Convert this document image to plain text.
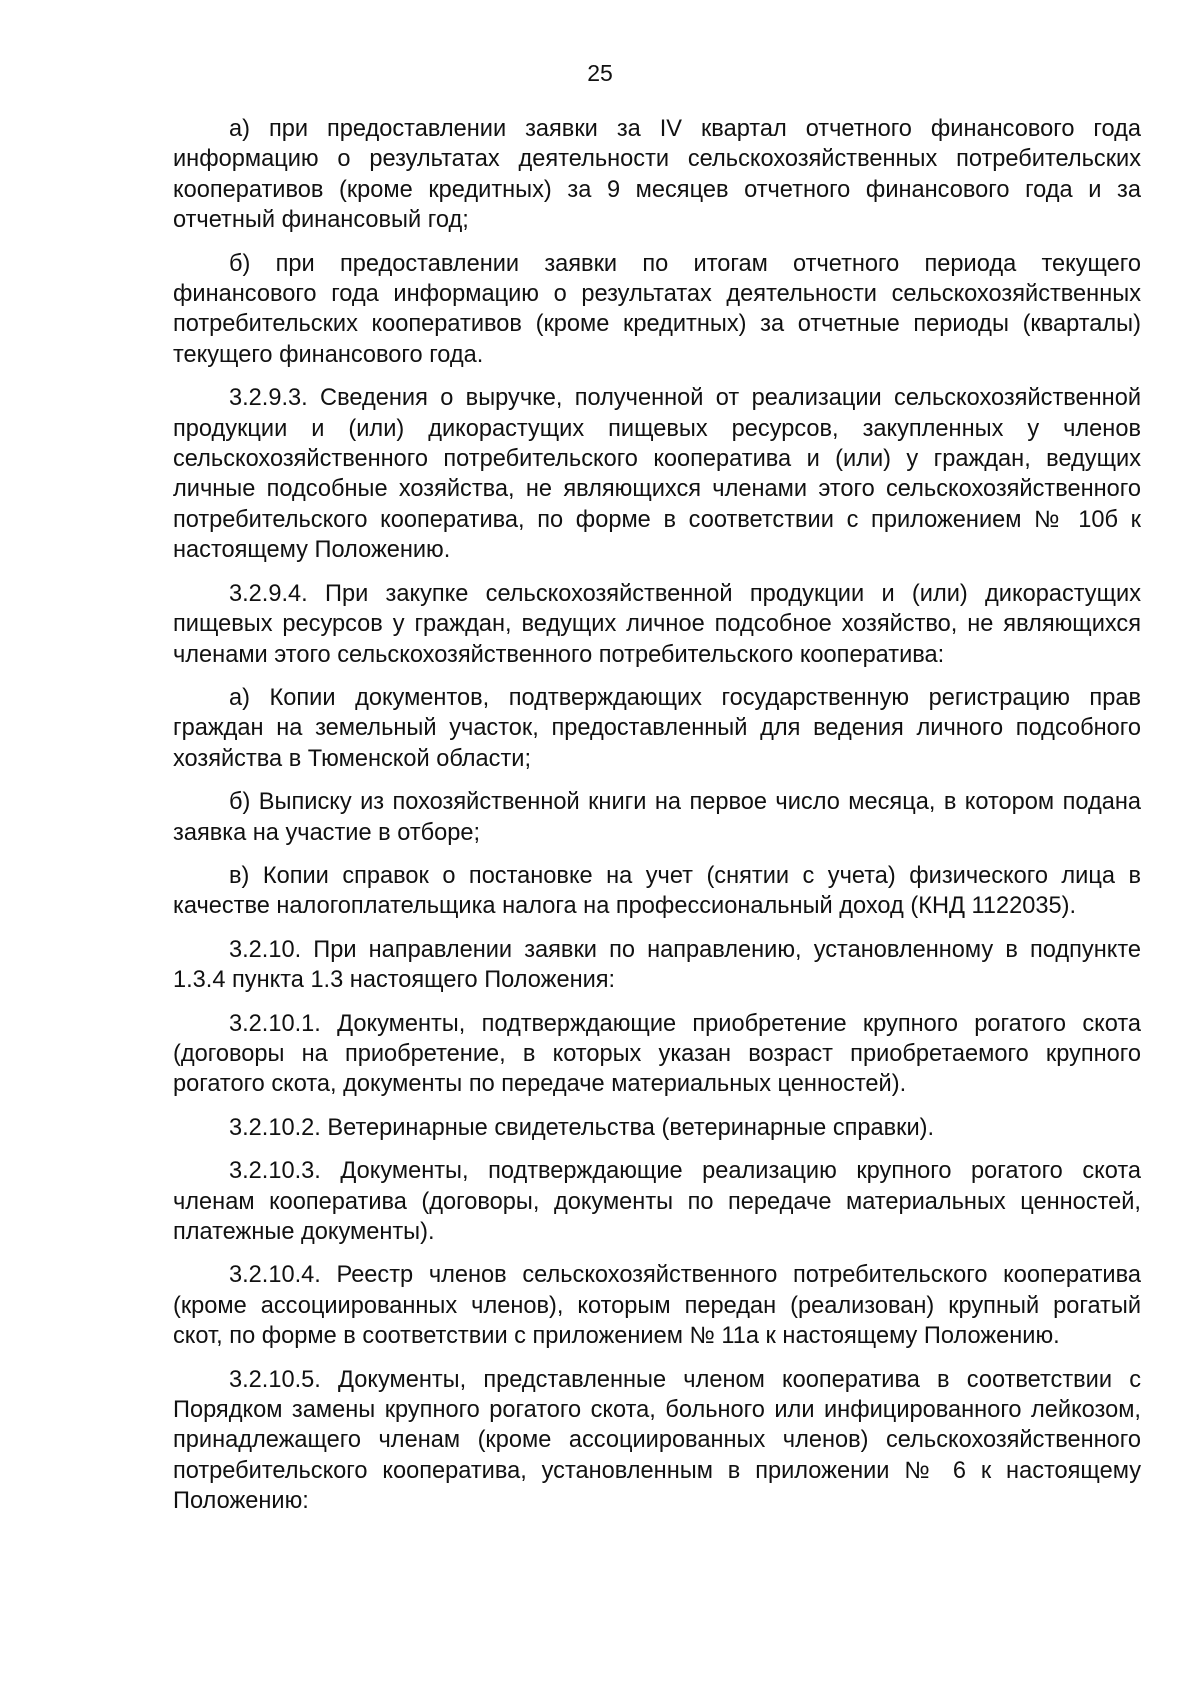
25

а) при предоставлении заявки за IV квартал отчетного финансового года информацию о результатах деятельности сельскохозяйственных потребительских кооперативов (кроме кредитных) за 9 месяцев отчетного финансового года и за отчетный финансовый год;

б) при предоставлении заявки по итогам отчетного периода текущего финансового года информацию о результатах деятельности сельскохозяйственных потребительских кооперативов (кроме кредитных) за отчетные периоды (кварталы) текущего финансового года.

3.2.9.3. Сведения о выручке, полученной от реализации сельскохозяйственной продукции и (или) дикорастущих пищевых ресурсов, закупленных у членов сельскохозяйственного потребительского кооператива и (или) у граждан, ведущих личные подсобные хозяйства, не являющихся членами этого сельскохозяйственного потребительского кооператива, по форме в соответствии с приложением № 10б к настоящему Положению.

3.2.9.4. При закупке сельскохозяйственной продукции и (или) дикорастущих пищевых ресурсов у граждан, ведущих личное подсобное хозяйство, не являющихся членами этого сельскохозяйственного потребительского кооператива:

а) Копии документов, подтверждающих государственную регистрацию прав граждан на земельный участок, предоставленный для ведения личного подсобного хозяйства в Тюменской области;

б) Выписку из похозяйственной книги на первое число месяца, в котором подана заявка на участие в отборе;

в) Копии справок о постановке на учет (снятии с учета) физического лица в качестве налогоплательщика налога на профессиональный доход (КНД 1122035).

3.2.10. При направлении заявки по направлению, установленному в подпункте 1.3.4 пункта 1.3 настоящего Положения:

3.2.10.1. Документы, подтверждающие приобретение крупного рогатого скота (договоры на приобретение, в которых указан возраст приобретаемого крупного рогатого скота, документы по передаче материальных ценностей).

3.2.10.2. Ветеринарные свидетельства (ветеринарные справки).

3.2.10.3. Документы, подтверждающие реализацию крупного рогатого скота членам кооператива (договоры, документы по передаче материальных ценностей, платежные документы).

3.2.10.4. Реестр членов сельскохозяйственного потребительского кооператива (кроме ассоциированных членов), которым передан (реализован) крупный рогатый скот, по форме в соответствии с приложением № 11а к настоящему Положению.

3.2.10.5. Документы, представленные членом кооператива в соответствии с Порядком замены крупного рогатого скота, больного или инфицированного лейкозом, принадлежащего членам (кроме ассоциированных членов) сельскохозяйственного потребительского кооператива, установленным в приложении № 6 к настоящему Положению:
